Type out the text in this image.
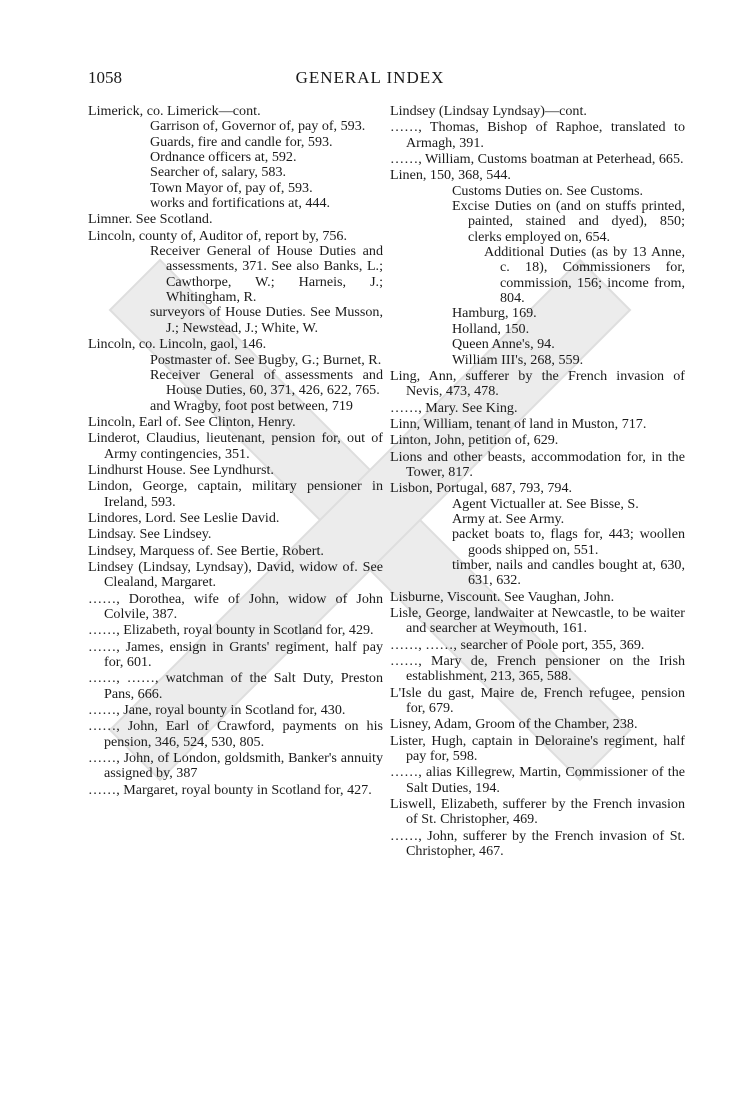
1058	GENERAL INDEX
Limerick, co. Limerick—cont.
Garrison of, Governor of, pay of, 593.
Guards, fire and candle for, 593.
Ordnance officers at, 592.
Searcher of, salary, 583.
Town Mayor of, pay of, 593.
works and fortifications at, 444.
Limner. See Scotland.
Lincoln, county of, Auditor of, report by, 756.
Receiver General of House Duties and assessments, 371. See also Banks, L.; Cawthorpe, W.; Harneis, J.; Whitingham, R.
surveyors of House Duties. See Musson, J.; Newstead, J.; White, W.
Lincoln, co. Lincoln, gaol, 146.
Postmaster of. See Bugby, G.; Burnet, R.
Receiver General of assessments and House Duties, 60, 371, 426, 622, 765.
and Wragby, foot post between, 719
Lincoln, Earl of. See Clinton, Henry.
Linderot, Claudius, lieutenant, pension for, out of Army contingencies, 351.
Lindhurst House. See Lyndhurst.
Lindon, George, captain, military pensioner in Ireland, 593.
Lindores, Lord. See Leslie David.
Lindsay. See Lindsey.
Lindsey, Marquess of. See Bertie, Robert.
Lindsey (Lindsay, Lyndsay), David, widow of. See Clealand, Margaret.
……, Dorothea, wife of John, widow of John Colvile, 387.
……, Elizabeth, royal bounty in Scotland for, 429.
……, James, ensign in Grants' regiment, half pay for, 601.
……, ……, watchman of the Salt Duty, Preston Pans, 666.
……, Jane, royal bounty in Scotland for, 430.
……, John, Earl of Crawford, payments on his pension, 346, 524, 530, 805.
……, John, of London, goldsmith, Banker's annuity assigned by, 387
……, Margaret, royal bounty in Scotland for, 427.
Lindsey (Lindsay Lyndsay)—cont.
……, Thomas, Bishop of Raphoe, translated to Armagh, 391.
……, William, Customs boatman at Peterhead, 665.
Linen, 150, 368, 544.
Customs Duties on. See Customs.
Excise Duties on (and on stuffs printed, painted, stained and dyed), 850; clerks employed on, 654.
Additional Duties (as by 13 Anne, c. 18), Commissioners for, commission, 156; income from, 804.
Hamburg, 169.
Holland, 150.
Queen Anne's, 94.
William III's, 268, 559.
Ling, Ann, sufferer by the French invasion of Nevis, 473, 478.
……, Mary. See King.
Linn, William, tenant of land in Muston, 717.
Linton, John, petition of, 629.
Lions and other beasts, accommodation for, in the Tower, 817.
Lisbon, Portugal, 687, 793, 794.
Agent Victualler at. See Bisse, S.
Army at. See Army.
packet boats to, flags for, 443; woollen goods shipped on, 551.
timber, nails and candles bought at, 630, 631, 632.
Lisburne, Viscount. See Vaughan, John.
Lisle, George, landwaiter at Newcastle, to be waiter and searcher at Weymouth, 161.
……, ……, searcher of Poole port, 355, 369.
……, Mary de, French pensioner on the Irish establishment, 213, 365, 588.
L'Isle du gast, Maire de, French refugee, pension for, 679.
Lisney, Adam, Groom of the Chamber, 238.
Lister, Hugh, captain in Deloraine's regiment, half pay for, 598.
……, alias Killegrew, Martin, Commissioner of the Salt Duties, 194.
Liswell, Elizabeth, sufferer by the French invasion of St. Christopher, 469.
……, John, sufferer by the French invasion of St. Christopher, 467.
